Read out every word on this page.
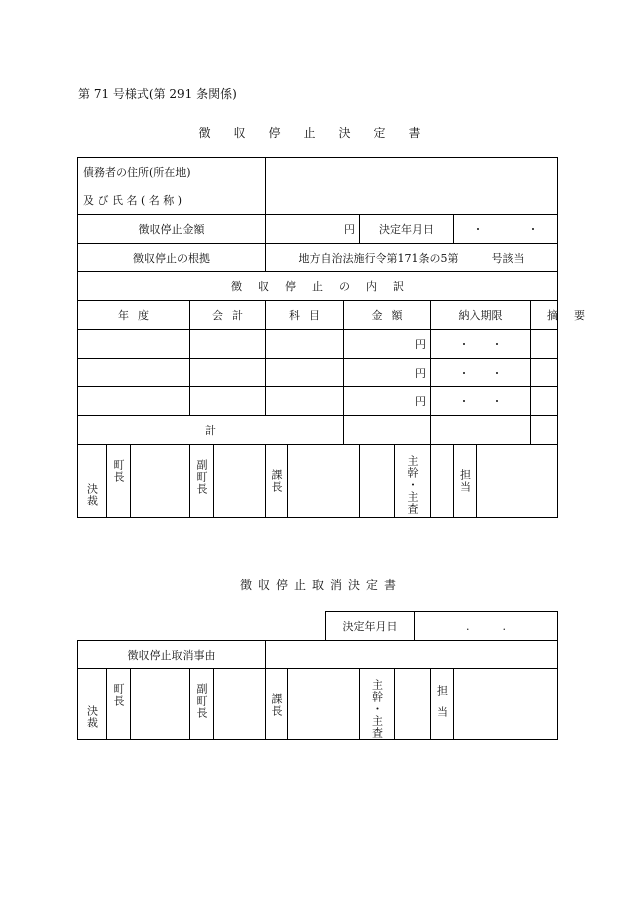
第 71 号様式(第 291 条関係)
徴収停止決定書
債務者の住所(所在地)												
及 び 氏 名 ( 名 称 )												
徴収停止金額					円		決定年月日			・　　　　・		
徴収停止の根拠					地方自治法施行令第171条の5第　　　号該当							
徴収停止の内訳												
年度			会計		科目	金額			納入期限			摘要
						円			・　　・			
						円			・　　・			
						円			・　　・			
計												

決裁	町長		副町長		課長			主幹・主査	担当			

徴収停止取消決定書
決定年月日	.　　　.
徴収停止取消事由										

決裁	町長		副町長		課長		主幹・主査		担当	
